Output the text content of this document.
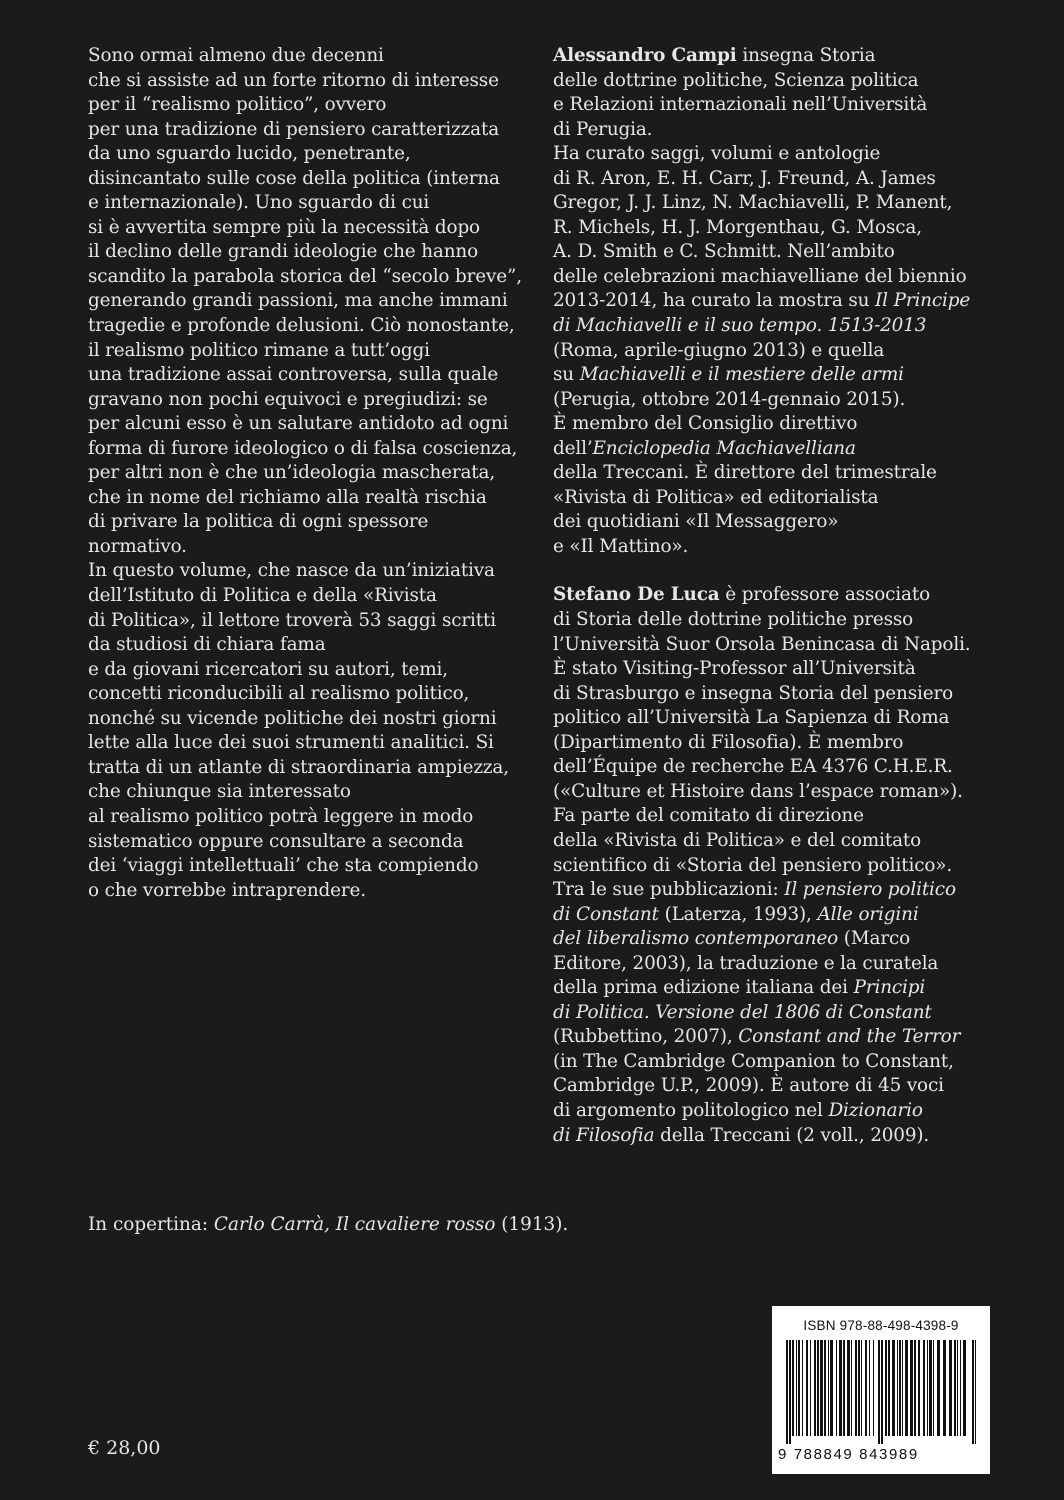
Sono ormai almeno due decenni
che si assiste ad un forte ritorno di interesse
per il “realismo politico”, ovvero
per una tradizione di pensiero caratterizzata
da uno sguardo lucido, penetrante,
disincantato sulle cose della politica (interna
e internazionale). Uno sguardo di cui
si è avvertita sempre più la necessità dopo
il declino delle grandi ideologie che hanno
scandito la parabola storica del “secolo breve”,
generando grandi passioni, ma anche immani
tragedie e profonde delusioni. Ciò nonostante,
il realismo politico rimane a tutt’oggi
una tradizione assai controversa, sulla quale
gravano non pochi equivoci e pregiudizi: se
per alcuni esso è un salutare antidoto ad ogni
forma di furore ideologico o di falsa coscienza,
per altri non è che un’ideologia mascherata,
che in nome del richiamo alla realtà rischia
di privare la politica di ogni spessore
normativo.
In questo volume, che nasce da un’iniziativa
dell’Istituto di Politica e della «Rivista
di Politica», il lettore troverà 53 saggi scritti
da studiosi di chiara fama
e da giovani ricercatori su autori, temi,
concetti riconducibili al realismo politico,
nonché su vicende politiche dei nostri giorni
lette alla luce dei suoi strumenti analitici. Si
tratta di un atlante di straordinaria ampiezza,
che chiunque sia interessato
al realismo politico potrà leggere in modo
sistematico oppure consultare a seconda
dei ‘viaggi intellettuali’ che sta compiendo
o che vorrebbe intraprendere.
Alessandro Campi insegna Storia
delle dottrine politiche, Scienza politica
e Relazioni internazionali nell’Università
di Perugia.
Ha curato saggi, volumi e antologie
di R. Aron, E. H. Carr, J. Freund, A. James
Gregor, J. J. Linz, N. Machiavelli, P. Manent,
R. Michels, H. J. Morgenthau, G. Mosca,
A. D. Smith e C. Schmitt. Nell’ambito
delle celebrazioni machiavelliane del biennio
2013-2014, ha curato la mostra su Il Principe
di Machiavelli e il suo tempo. 1513-2013
(Roma, aprile-giugno 2013) e quella
su Machiavelli e il mestiere delle armi
(Perugia, ottobre 2014-gennaio 2015).
È membro del Consiglio direttivo
dell’Enciclopedia Machiavelliana
della Treccani. È direttore del trimestrale
«Rivista di Politica» ed editorialista
dei quotidiani «Il Messaggero»
e «Il Mattino».
Stefano De Luca è professore associato
di Storia delle dottrine politiche presso
l’Università Suor Orsola Benincasa di Napoli.
È stato Visiting-Professor all’Università
di Strasburgo e insegna Storia del pensiero
politico all’Università La Sapienza di Roma
(Dipartimento di Filosofia). È membro
dell’Équipe de recherche EA 4376 C.H.E.R.
(«Culture et Histoire dans l’espace roman»).
Fa parte del comitato di direzione
della «Rivista di Politica» e del comitato
scientifico di «Storia del pensiero politico».
Tra le sue pubblicazioni: Il pensiero politico
di Constant (Laterza, 1993), Alle origini
del liberalismo contemporaneo (Marco
Editore, 2003), la traduzione e la curatela
della prima edizione italiana dei Principi
di Politica. Versione del 1806 di Constant
(Rubbettino, 2007), Constant and the Terror
(in The Cambridge Companion to Constant,
Cambridge U.P., 2009). È autore di 45 voci
di argomento politologico nel Dizionario
di Filosofia della Treccani (2 voll., 2009).
In copertina: Carlo Carrà, Il cavaliere rosso (1913).
€ 28,00
ISBN 978-88-498-4398-9
9 788849 843989
